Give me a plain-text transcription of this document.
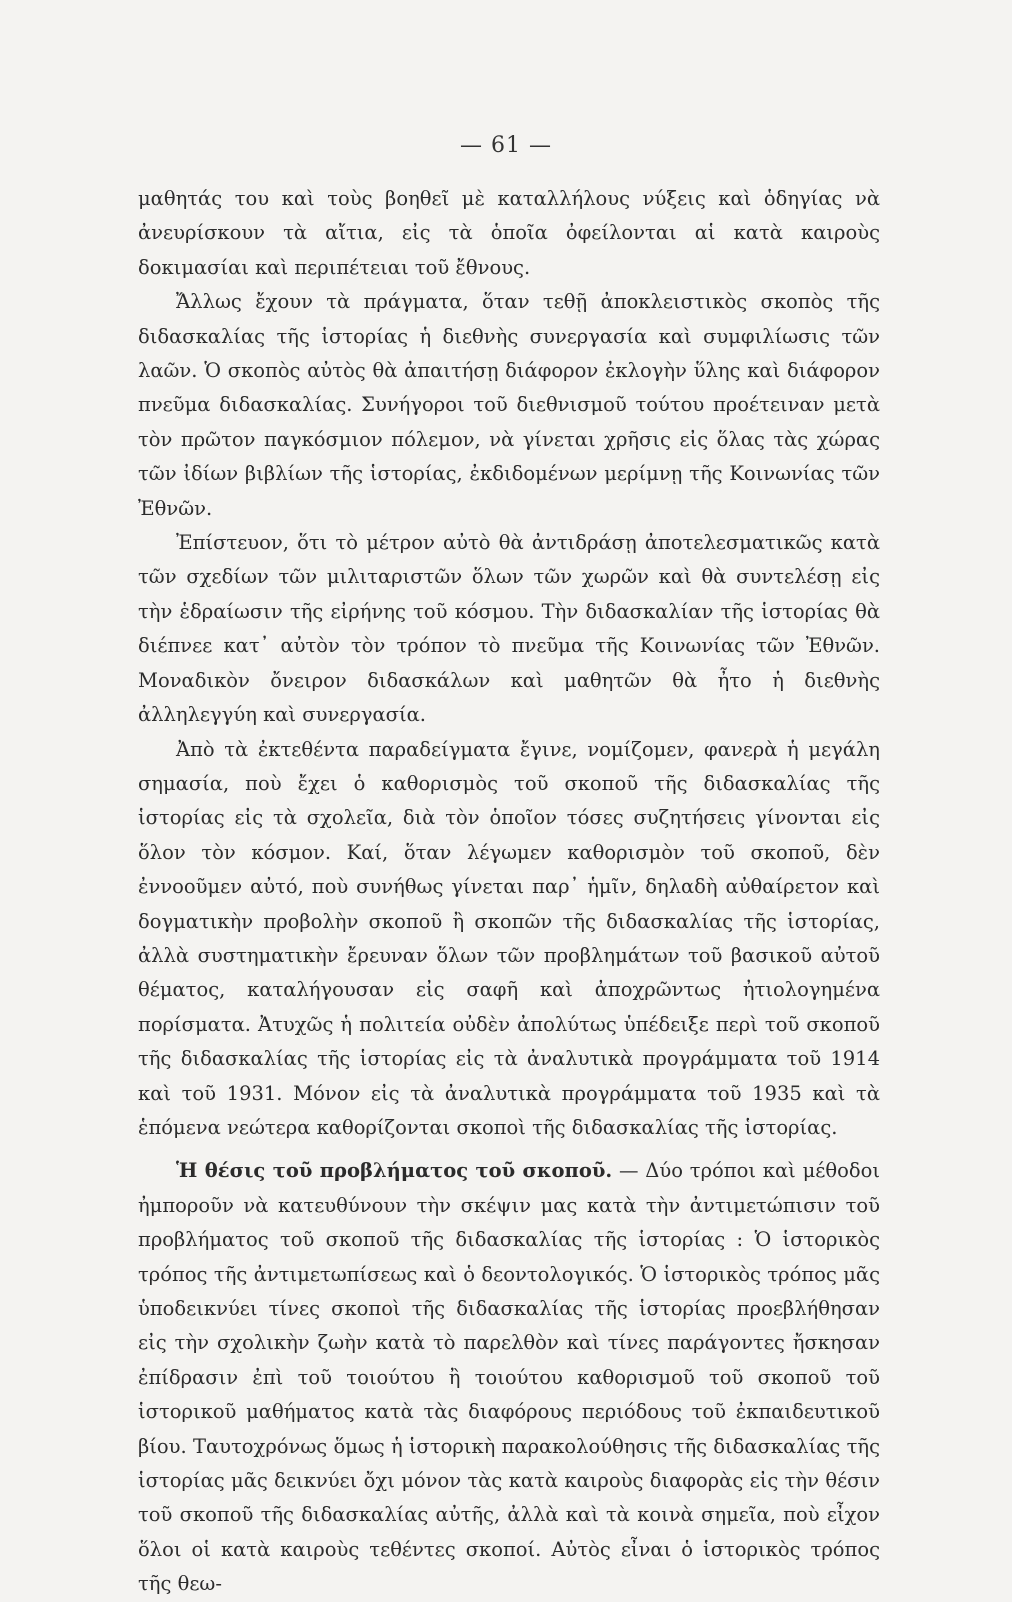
— 61 —

μαθητάς του καὶ τοὺς βοηθεῖ μὲ καταλλήλους νύξεις καὶ ὁδηγίας νὰ ἀνευρίσκουν τὰ αἴτια, εἰς τὰ ὁποῖα ὀφείλονται αἱ κατὰ καιροὺς δοκιμασίαι καὶ περιπέτειαι τοῦ ἔθνους.

Ἄλλως ἔχουν τὰ πράγματα, ὅταν τεθῇ ἀποκλειστικὸς σκοπὸς τῆς διδασκαλίας τῆς ἱστορίας ἡ διεθνὴς συνεργασία καὶ συμφιλίωσις τῶν λαῶν. Ὁ σκοπὸς αὐτὸς θὰ ἀπαιτήσῃ διάφορον ἐκλογὴν ὕλης καὶ διάφορον πνεῦμα διδασκαλίας. Συνήγοροι τοῦ διεθνισμοῦ τούτου προέτειναν μετὰ τὸν πρῶτον παγκόσμιον πόλεμον, νὰ γίνεται χρῆσις εἰς ὅλας τὰς χώρας τῶν ἰδίων βιβλίων τῆς ἱστορίας, ἐκδιδομένων μερίμνῃ τῆς Κοινωνίας τῶν Ἐθνῶν.

Ἐπίστευον, ὅτι τὸ μέτρον αὐτὸ θὰ ἀντιδράσῃ ἀποτελεσματικῶς κατὰ τῶν σχεδίων τῶν μιλιταριστῶν ὅλων τῶν χωρῶν καὶ θὰ συντελέσῃ εἰς τὴν ἑδραίωσιν τῆς εἰρήνης τοῦ κόσμου. Τὴν διδασκαλίαν τῆς ἱστορίας θὰ διέπνεε κατ᾽ αὐτὸν τὸν τρόπον τὸ πνεῦμα τῆς Κοινωνίας τῶν Ἐθνῶν. Μοναδικὸν ὄνειρον διδασκάλων καὶ μαθητῶν θὰ ἦτο ἡ διεθνὴς ἀλληλεγγύη καὶ συνεργασία.

Ἀπὸ τὰ ἐκτεθέντα παραδείγματα ἔγινε, νομίζομεν, φανερὰ ἡ μεγάλη σημασία, ποὺ ἔχει ὁ καθορισμὸς τοῦ σκοποῦ τῆς διδασκαλίας τῆς ἱστορίας εἰς τὰ σχολεῖα, διὰ τὸν ὁποῖον τόσες συζητήσεις γίνονται εἰς ὅλον τὸν κόσμον. Καί, ὅταν λέγωμεν καθορισμὸν τοῦ σκοποῦ, δὲν ἐννοοῦμεν αὐτό, ποὺ συνήθως γίνεται παρ᾽ ἡμῖν, δηλαδὴ αὐθαίρετον καὶ δογματικὴν προβολὴν σκοποῦ ἢ σκοπῶν τῆς διδασκαλίας τῆς ἱστορίας, ἀλλὰ συστηματικὴν ἔρευναν ὅλων τῶν προβλημάτων τοῦ βασικοῦ αὐτοῦ θέματος, καταλήγουσαν εἰς σαφῆ καὶ ἀποχρῶντως ἠτιολογημένα πορίσματα. Ἀτυχῶς ἡ πολιτεία οὐδὲν ἀπολύτως ὑπέδειξε περὶ τοῦ σκοποῦ τῆς διδασκαλίας τῆς ἱστορίας εἰς τὰ ἀναλυτικὰ προγράμματα τοῦ 1914 καὶ τοῦ 1931. Μόνον εἰς τὰ ἀναλυτικὰ προγράμματα τοῦ 1935 καὶ τὰ ἑπόμενα νεώτερα καθορίζονται σκοποὶ τῆς διδασκαλίας τῆς ἱστορίας.

Ἡ θέσις τοῦ προβλήματος τοῦ σκοποῦ. — Δύο τρόποι καὶ μέθοδοι ἠμποροῦν νὰ κατευθύνουν τὴν σκέψιν μας κατὰ τὴν ἀντιμετώπισιν τοῦ προβλήματος τοῦ σκοποῦ τῆς διδασκαλίας τῆς ἱστορίας : Ὁ ἱστορικὸς τρόπος τῆς ἀντιμετωπίσεως καὶ ὁ δεοντολογικός. Ὁ ἱστορικὸς τρόπος μᾶς ὑποδεικνύει τίνες σκοποὶ τῆς διδασκαλίας τῆς ἱστορίας προεβλήθησαν εἰς τὴν σχολικὴν ζωὴν κατὰ τὸ παρελθὸν καὶ τίνες παράγοντες ἤσκησαν ἐπίδρασιν ἐπὶ τοῦ τοιούτου ἢ τοιούτου καθορισμοῦ τοῦ σκοποῦ τοῦ ἱστορικοῦ μαθήματος κατὰ τὰς διαφόρους περιόδους τοῦ ἐκπαιδευτικοῦ βίου. Ταυτοχρόνως ὅμως ἡ ἱστορικὴ παρακολούθησις τῆς διδασκαλίας τῆς ἱστορίας μᾶς δεικνύει ὄχι μόνον τὰς κατὰ καιροὺς διαφορὰς εἰς τὴν θέσιν τοῦ σκοποῦ τῆς διδασκαλίας αὐτῆς, ἀλλὰ καὶ τὰ κοινὰ σημεῖα, ποὺ εἶχον ὅλοι οἱ κατὰ καιροὺς τεθέντες σκοποί. Αὐτὸς εἶναι ὁ ἱστορικὸς τρόπος τῆς θεω-
